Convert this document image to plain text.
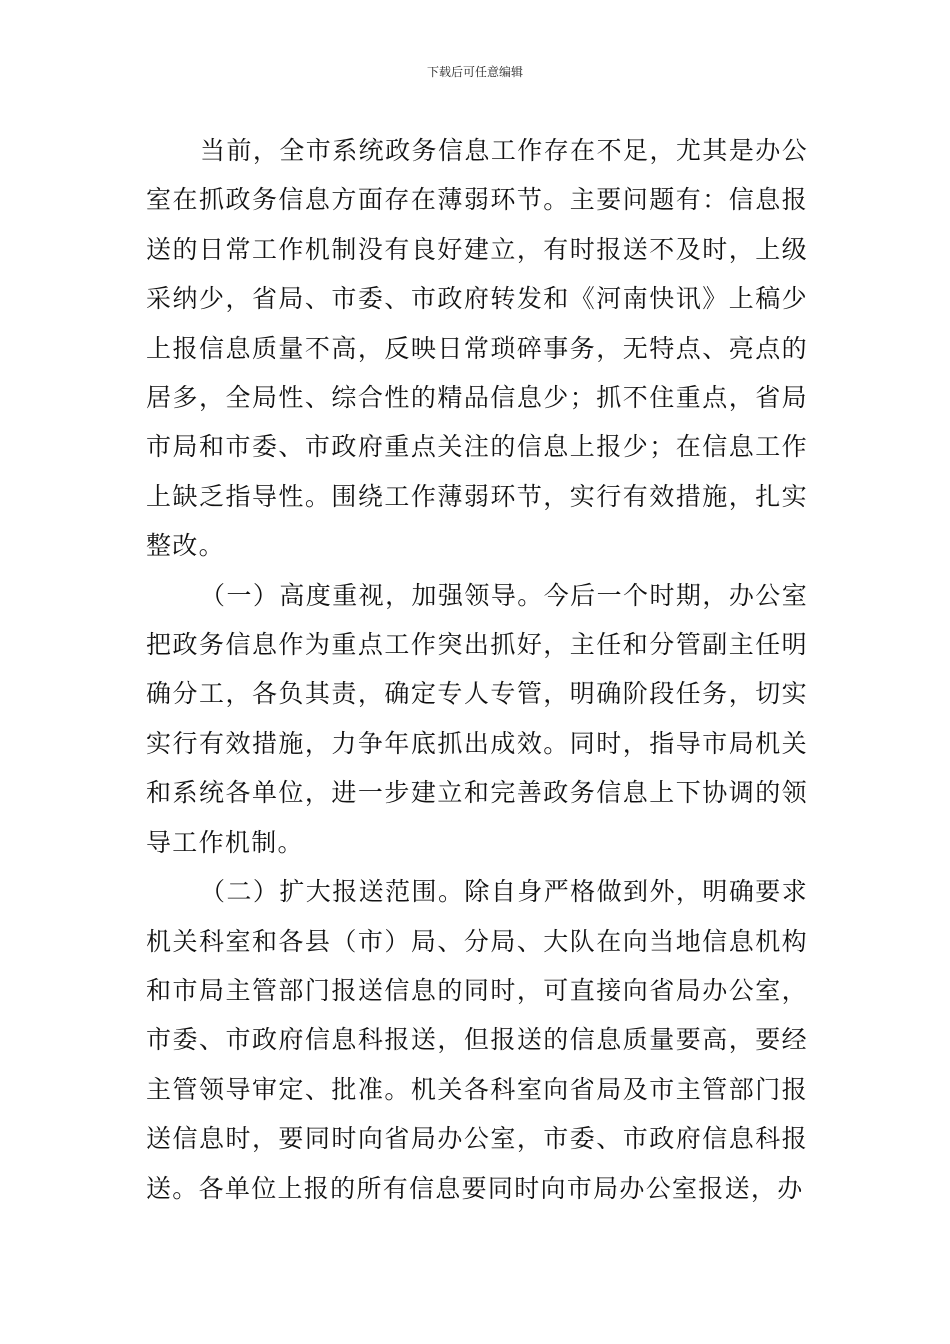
下载后可任意编辑

当前，全市系统政务信息工作存在不足，尤其是办公室在抓政务信息方面存在薄弱环节。主要问题有：信息报送的日常工作机制没有良好建立，有时报送不及时，上级采纳少，省局、市委、市政府转发和《河南快讯》上稿少上报信息质量不高，反映日常琐碎事务，无特点、亮点的居多，全局性、综合性的精品信息少；抓不住重点，省局市局和市委、市政府重点关注的信息上报少；在信息工作上缺乏指导性。围绕工作薄弱环节，实行有效措施，扎实整改。

（一）高度重视，加强领导。今后一个时期，办公室把政务信息作为重点工作突出抓好，主任和分管副主任明确分工，各负其责，确定专人专管，明确阶段任务，切实实行有效措施，力争年底抓出成效。同时，指导市局机关和系统各单位，进一步建立和完善政务信息上下协调的领导工作机制。

（二）扩大报送范围。除自身严格做到外，明确要求机关科室和各县（市）局、分局、大队在向当地信息机构和市局主管部门报送信息的同时，可直接向省局办公室，市委、市政府信息科报送，但报送的信息质量要高，要经主管领导审定、批准。机关各科室向省局及市主管部门报送信息时，要同时向省局办公室，市委、市政府信息科报送。各单位上报的所有信息要同时向市局办公室报送，办
